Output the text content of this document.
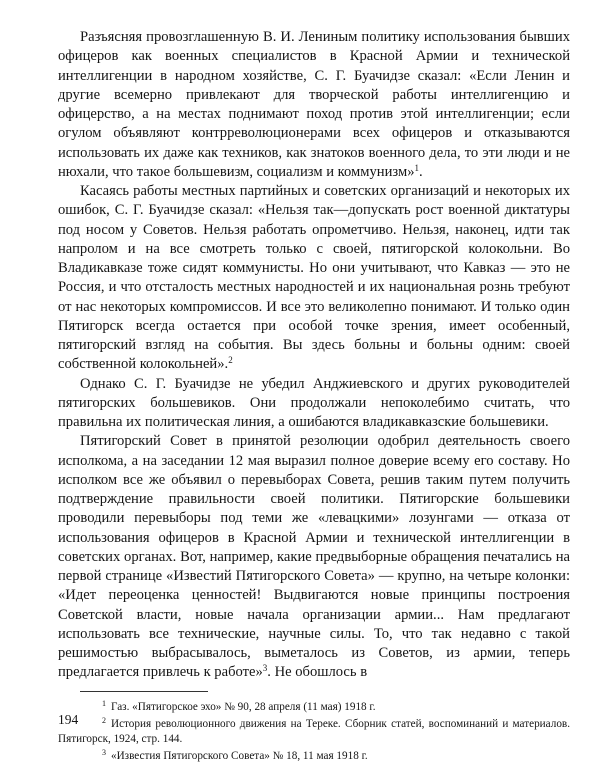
Разъясняя провозглашенную В. И. Лениным политику использования бывших офицеров как военных специалистов в Красной Армии и технической интеллигенции в народном хозяйстве, С. Г. Буачидзе сказал: «Если Ленин и другие всемерно привлекают для творческой работы интеллигенцию и офицерство, а на местах поднимают поход против этой интеллигенции; если огулом объявляют контрреволюционерами всех офицеров и отказываются использовать их даже как техников, как знатоков военного дела, то эти люди и не нюхали, что такое большевизм, социализм и коммунизм»$^1$.

Касаясь работы местных партийных и советских организаций и некоторых их ошибок, С. Г. Буачидзе сказал: «Нельзя так—допускать рост военной диктатуры под носом у Советов. Нельзя работать опрометчиво. Нельзя, наконец, идти так напролом и на все смотреть только с своей, пятигорской колокольни. Во Владикавказе тоже сидят коммунисты. Но они учитывают, что Кавказ — это не Россия, и что отсталость местных народностей и их национальная рознь требуют от нас некоторых компромиссов. И все это великолепно понимают. И только один Пятигорск всегда остается при особой точке зрения, имеет особенный, пятигорский взгляд на события. Вы здесь больны и больны одним: своей собственной колокольней».$^2$

Однако С. Г. Буачидзе не убедил Анджиевского и других руководителей пятигорских большевиков. Они продолжали непоколебимо считать, что правильна их политическая линия, а ошибаются владикавказские большевики.

Пятигорский Совет в принятой резолюции одобрил деятельность своего исполкома, а на заседании 12 мая выразил полное доверие всему его составу. Но исполком все же объявил о перевыборах Совета, решив таким путем получить подтверждение правильности своей политики. Пятигорские большевики проводили перевыборы под теми же «левацкими» лозунгами — отказа от использования офицеров в Красной Армии и технической интеллигенции в советских органах. Вот, например, какие предвыборные обращения печатались на первой странице «Известий Пятигорского Совета» — крупно, на четыре колонки: «Идет переоценка ценностей! Выдвигаются новые принципы построения Советской власти, новые начала организации армии... Нам предлагают использовать все технические, научные силы. То, что так недавно с такой решимостью выбрасывалось, выметалось из Советов, из армии, теперь предлагается привлечь к работе»$^3$. Не обошлось в

1 Газ. «Пятигорское эхо» № 90, 28 апреля (11 мая) 1918 г.

2 История революционного движения на Тереке. Сборник статей, воспоминаний и материалов. Пятигорск, 1924, стр. 144.

3 «Известия Пятигорского Совета» № 18, 11 мая 1918 г.

194
